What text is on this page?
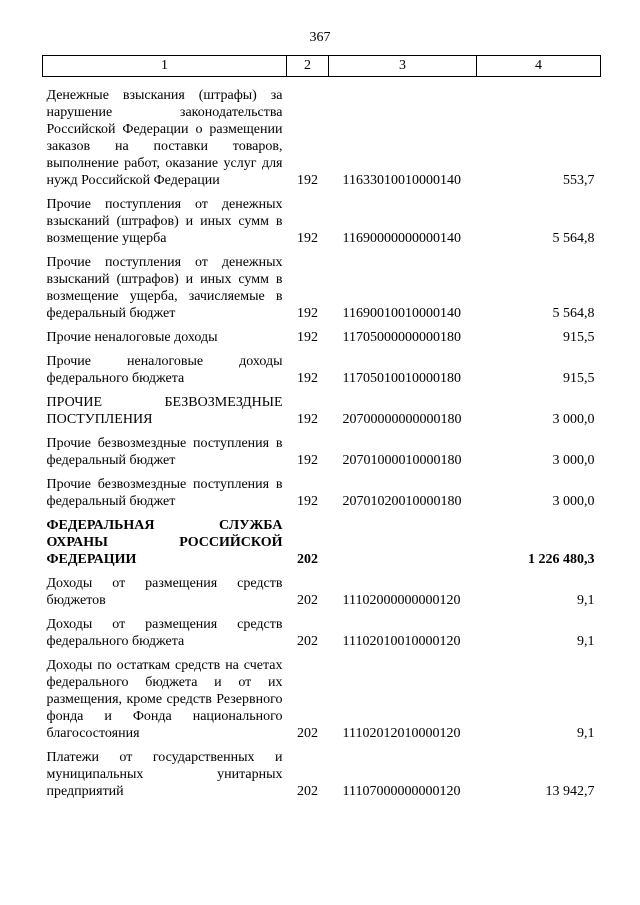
367
1	2	3	4
Денежные взыскания (штрафы) за нарушение законодательства Российской Федерации о размещении заказов на поставки товаров, выполнение работ, оказание услуг для нужд Российской Федерации	192	11633010010000140	553,7
Прочие поступления от денежных взысканий (штрафов) и иных сумм в возмещение ущерба	192	11690000000000140	5 564,8
Прочие поступления от денежных взысканий (штрафов) и иных сумм в возмещение ущерба, зачисляемые в федеральный бюджет	192	11690010010000140	5 564,8
Прочие неналоговые доходы	192	11705000000000180	915,5
Прочие неналоговые доходы федерального бюджета	192	11705010010000180	915,5
ПРОЧИЕ БЕЗВОЗМЕЗДНЫЕ ПОСТУПЛЕНИЯ	192	20700000000000180	3 000,0
Прочие безвозмездные поступления в федеральный бюджет	192	20701000010000180	3 000,0
Прочие безвозмездные поступления в федеральный бюджет	192	20701020010000180	3 000,0
ФЕДЕРАЛЬНАЯ СЛУЖБА ОХРАНЫ РОССИЙСКОЙ ФЕДЕРАЦИИ	202		1 226 480,3
Доходы от размещения средств бюджетов	202	11102000000000120	9,1
Доходы от размещения средств федерального бюджета	202	11102010010000120	9,1
Доходы по остаткам средств на счетах федерального бюджета и от их размещения, кроме средств Резервного фонда и Фонда национального благосостояния	202	11102012010000120	9,1
Платежи от государственных и муниципальных унитарных предприятий	202	11107000000000120	13 942,7
